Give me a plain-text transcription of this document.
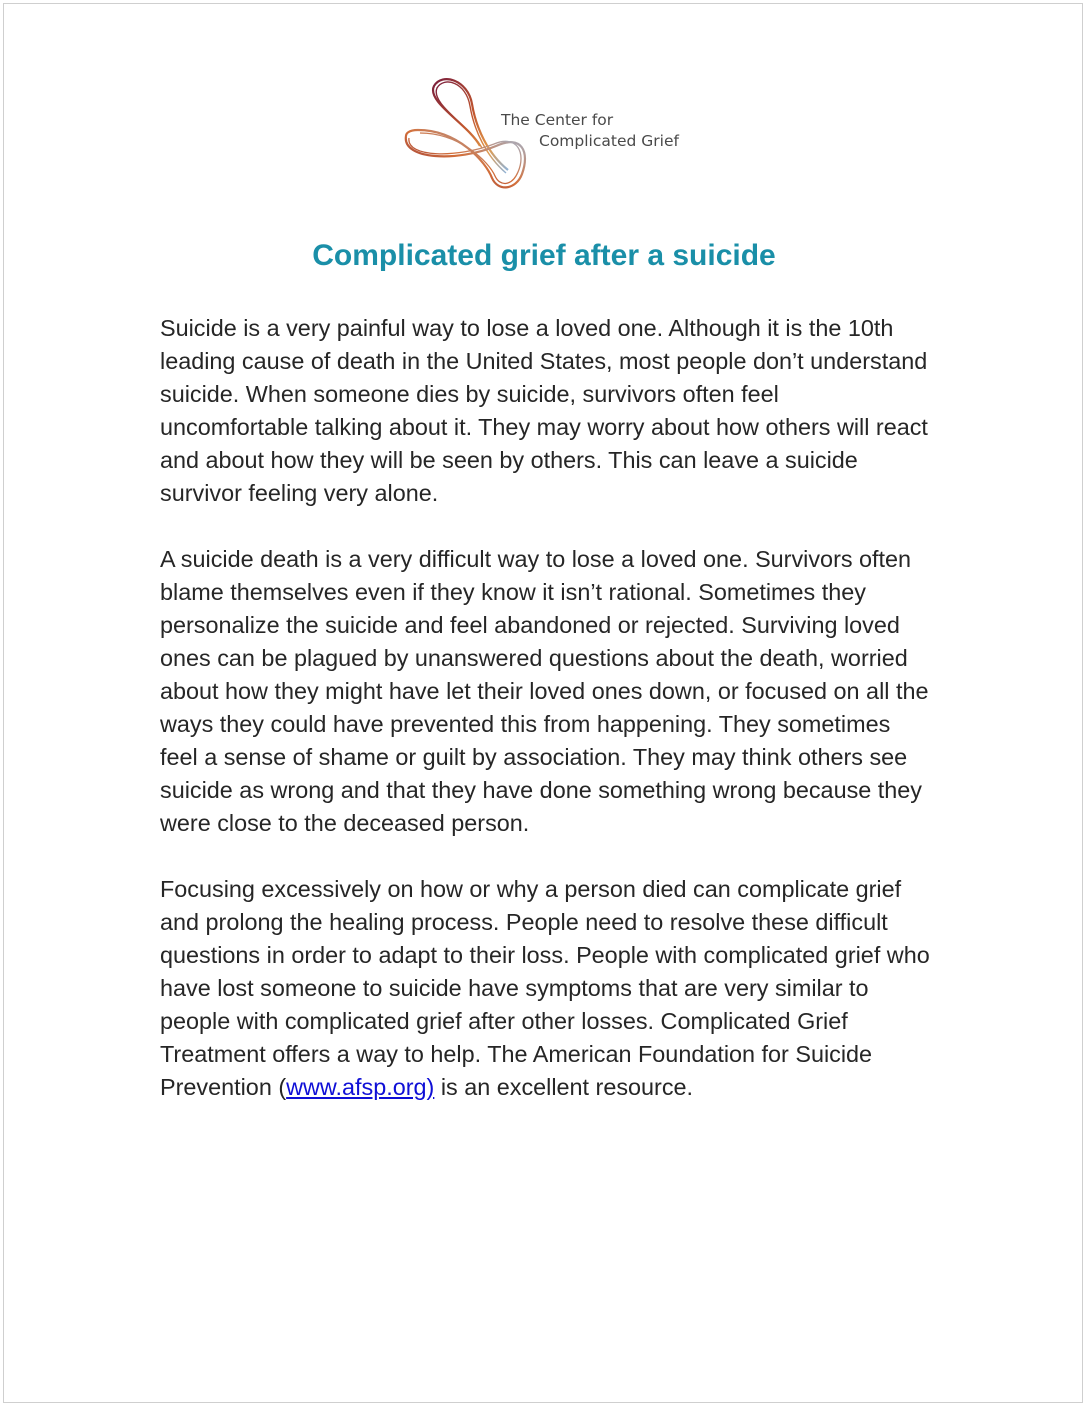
The Center for
Complicated Grief
Complicated grief after a suicide

Suicide is a very painful way to lose a loved one. Although it is the 10th leading cause of death in the United States, most people don’t understand suicide. When someone dies by suicide, survivors often feel uncomfortable talking about it. They may worry about how others will react and about how they will be seen by others. This can leave a suicide survivor feeling very alone.

A suicide death is a very difficult way to lose a loved one. Survivors often blame themselves even if they know it isn’t rational. Sometimes they personalize the suicide and feel abandoned or rejected. Surviving loved ones can be plagued by unanswered questions about the death, worried about how they might have let their loved ones down, or focused on all the ways they could have prevented this from happening. They sometimes feel a sense of shame or guilt by association. They may think others see suicide as wrong and that they have done something wrong because they were close to the deceased person.

Focusing excessively on how or why a person died can complicate grief and prolong the healing process. People need to resolve these difficult questions in order to adapt to their loss. People with complicated grief who have lost someone to suicide have symptoms that are very similar to people with complicated grief after other losses. Complicated Grief Treatment offers a way to help. The American Foundation for Suicide Prevention (www.afsp.org) is an excellent resource.
